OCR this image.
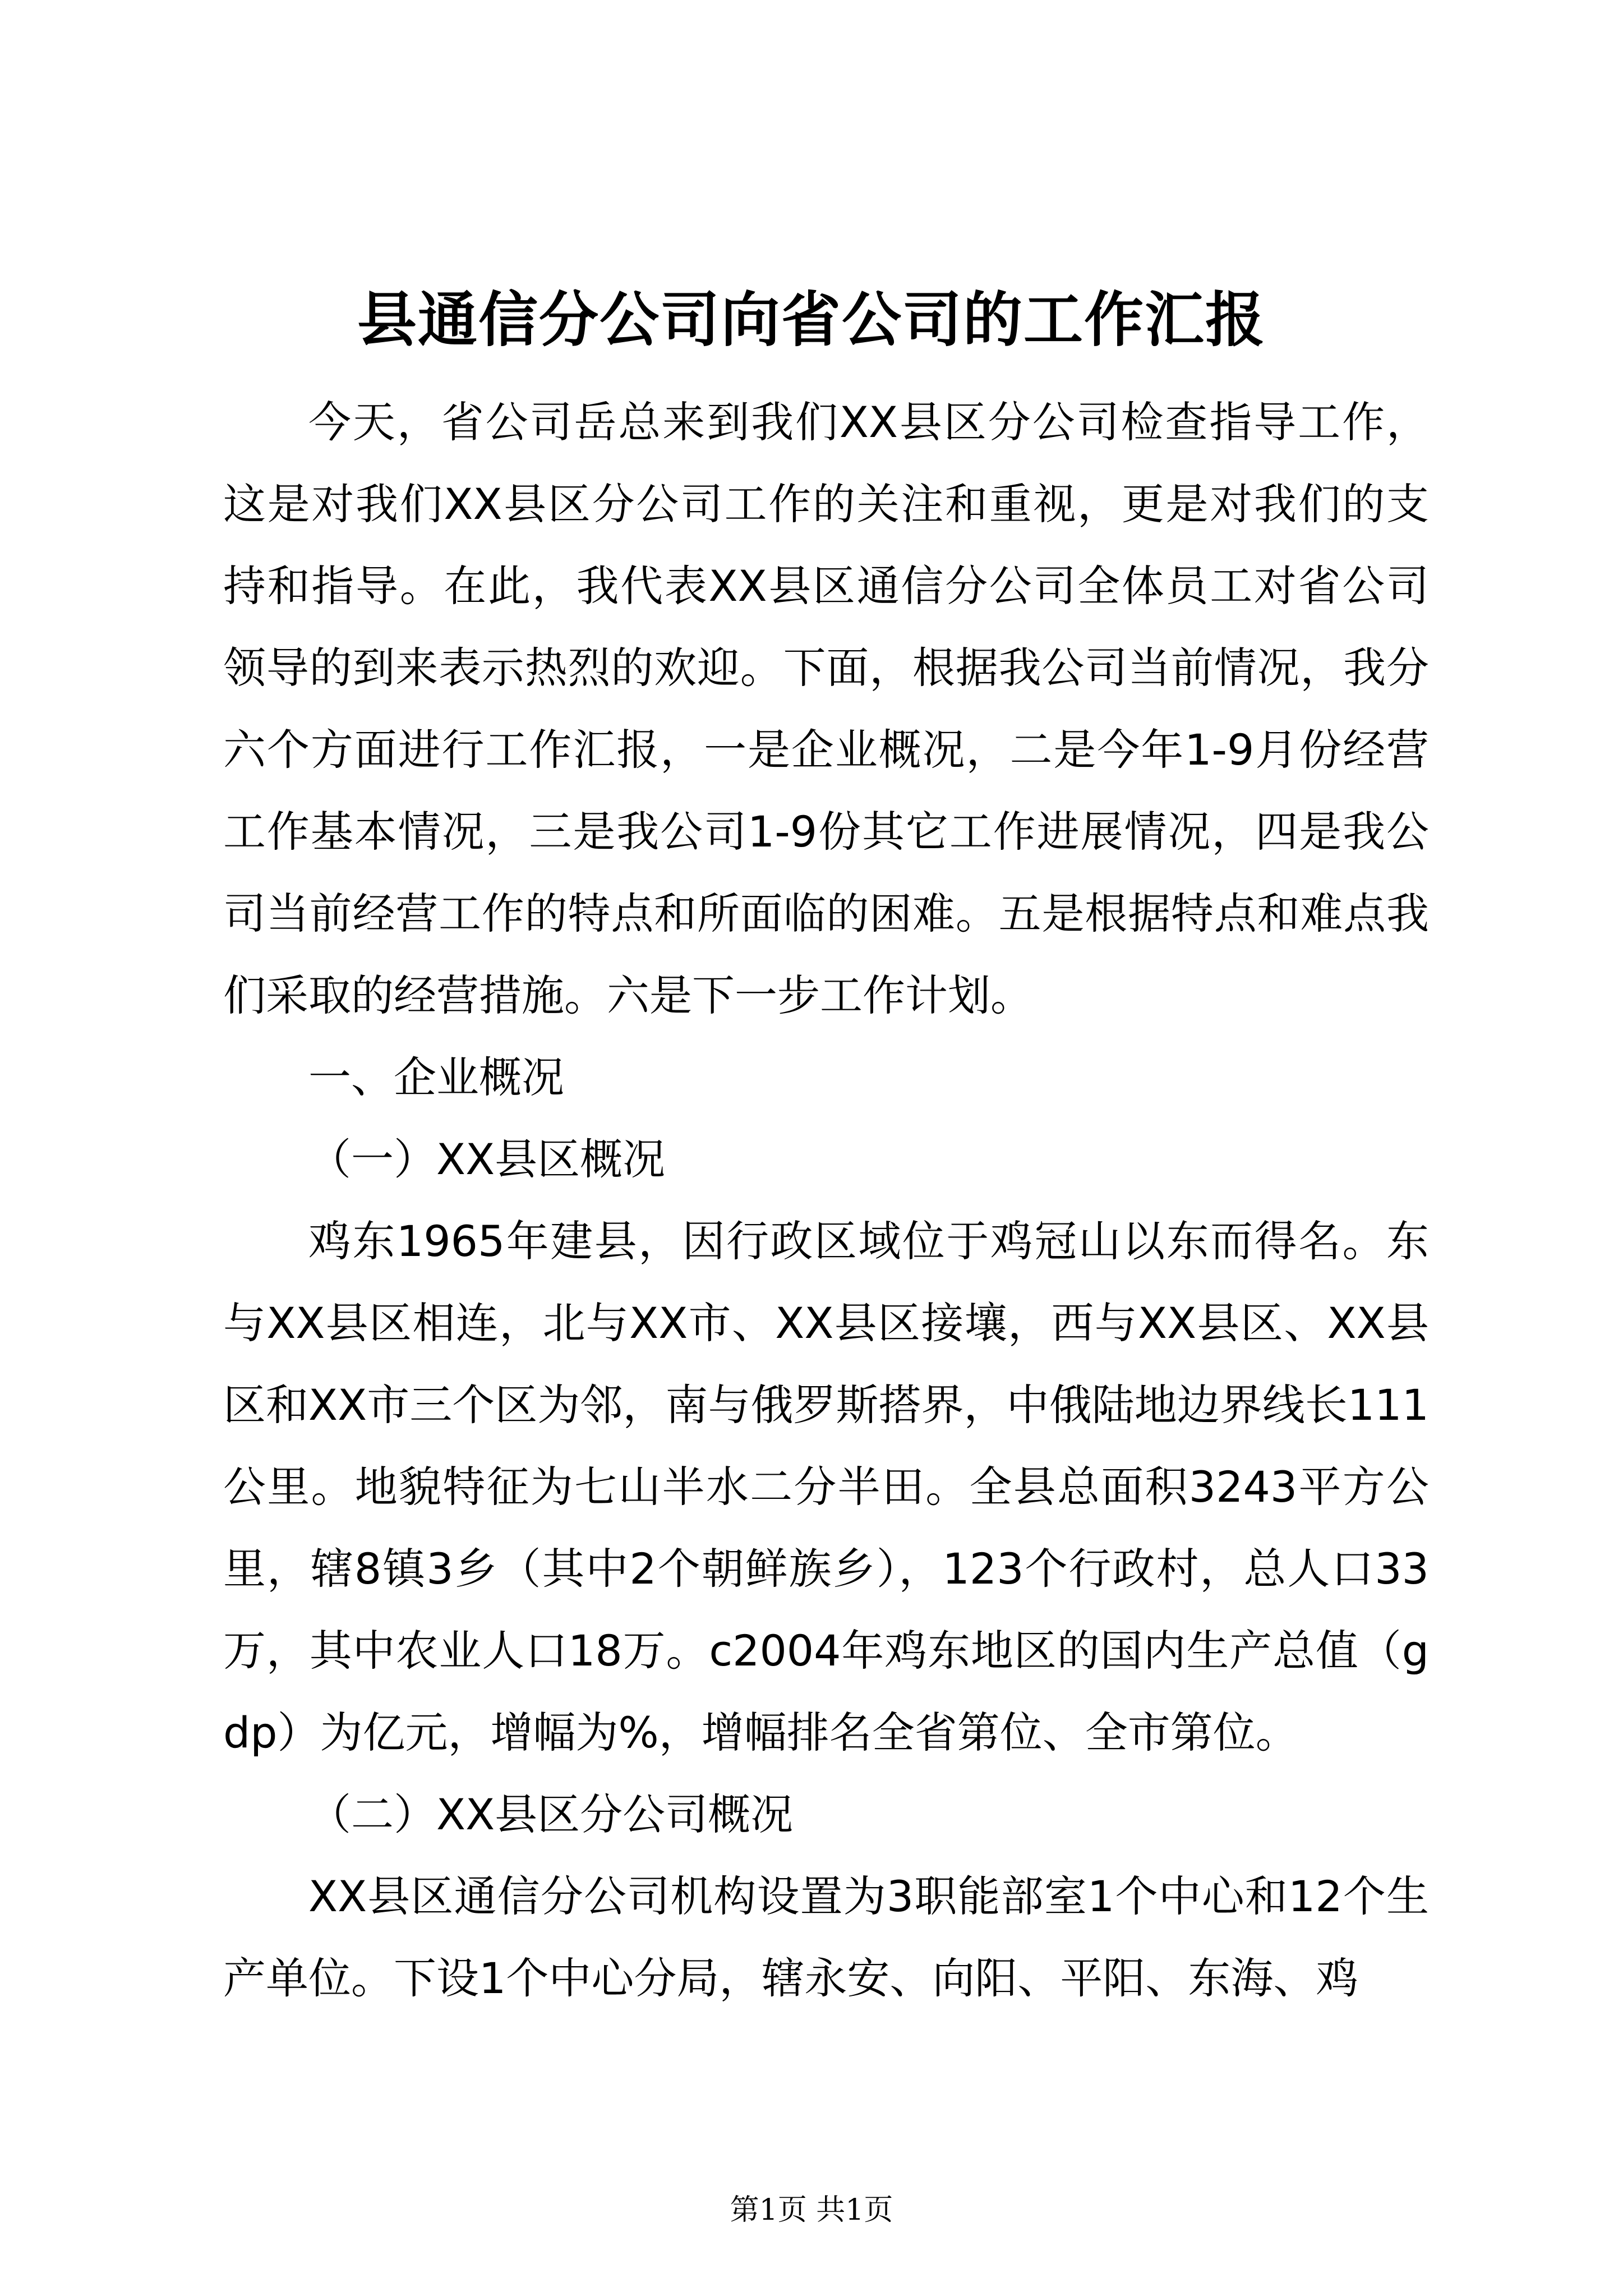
县通信分公司向省公司的工作汇报

今天，省公司岳总来到我们XX县区分公司检查指导工作，这是对我们XX县区分公司工作的关注和重视，更是对我们的支持和指导。在此，我代表XX县区通信分公司全体员工对省公司领导的到来表示热烈的欢迎。下面，根据我公司当前情况，我分六个方面进行工作汇报，一是企业概况，二是今年1-9月份经营工作基本情况，三是我公司1-9份其它工作进展情况，四是我公司当前经营工作的特点和所面临的困难。五是根据特点和难点我们采取的经营措施。六是下一步工作计划。

一、企业概况

（一）XX县区概况

鸡东1965年建县，因行政区域位于鸡冠山以东而得名。东与XX县区相连，北与XX市、XX县区接壤，西与XX县区、XX县区和XX市三个区为邻，南与俄罗斯搭界，中俄陆地边界线长111公里。地貌特征为七山半水二分半田。全县总面积3243平方公里，辖8镇3乡（其中2个朝鲜族乡），123个行政村，总人口33万，其中农业人口18万。c2004年鸡东地区的国内生产总值（gdp）为亿元，增幅为%，增幅排名全省第位、全市第位。

（二）XX县区分公司概况

XX县区通信分公司机构设置为3职能部室1个中心和12个生产单位。下设1个中心分局，辖永安、向阳、平阳、东海、鸡

第1页 共1页
